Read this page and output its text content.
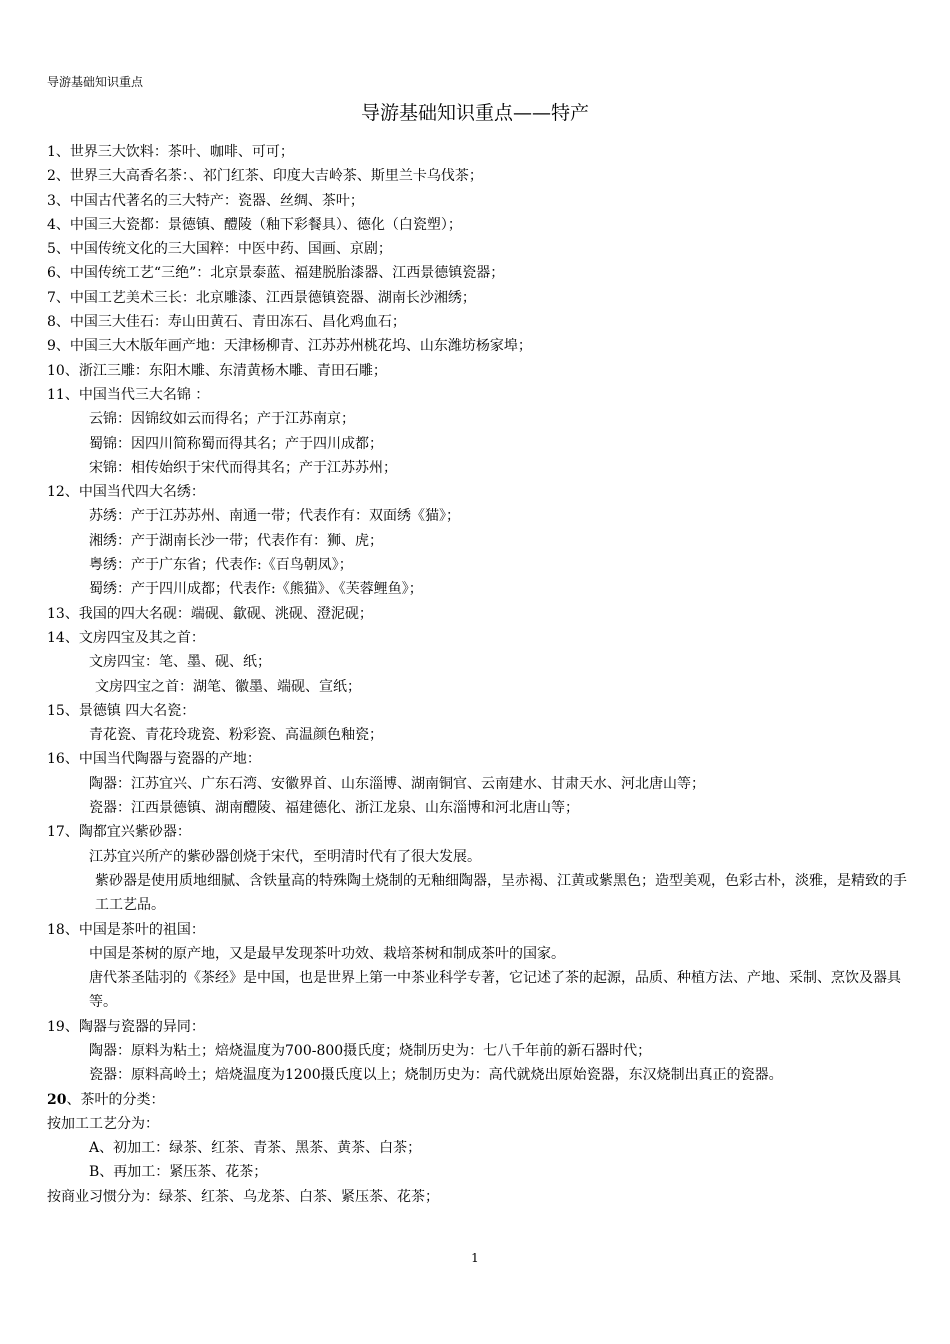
导游基础知识重点
导游基础知识重点——特产
1、世界三大饮料：茶叶、咖啡、可可；
2、世界三大高香名茶：、祁门红茶、印度大吉岭茶、斯里兰卡乌伐茶；
3、中国古代著名的三大特产：瓷器、丝绸、茶叶；
4、中国三大瓷都：景德镇、醴陵（釉下彩餐具）、德化（白瓷塑）；
5、中国传统文化的三大国粹：中医中药、国画、京剧；
6、中国传统工艺“三绝”：北京景泰蓝、福建脱胎漆器、江西景德镇瓷器；
7、中国工艺美术三长：北京雕漆、江西景德镇瓷器、湖南长沙湘绣；
8、中国三大佳石：寿山田黄石、青田冻石、昌化鸡血石；
9、中国三大木版年画产地：天津杨柳青、江苏苏州桃花坞、山东潍坊杨家埠；
10、浙江三雕：东阳木雕、东清黄杨木雕、青田石雕；
11、中国当代三大名锦 ：
云锦：因锦纹如云而得名；产于江苏南京；
蜀锦：因四川简称蜀而得其名；产于四川成都；
宋锦：相传始织于宋代而得其名；产于江苏苏州；
12、中国当代四大名绣：
苏绣：产于江苏苏州、南通一带；代表作有：双面绣《猫》；
湘绣：产于湖南长沙一带；代表作有：狮、虎；
粤绣：产于广东省；代表作:《百鸟朝凤》；
蜀绣：产于四川成都；代表作:《熊猫》、《芙蓉鲤鱼》；
13、我国的四大名砚：端砚、歙砚、洮砚、澄泥砚；
14、文房四宝及其之首：
文房四宝：笔、墨、砚、纸；
文房四宝之首：湖笔、徽墨、端砚、宣纸；
15、景德镇 四大名瓷：
青花瓷、青花玲珑瓷、粉彩瓷、高温颜色釉瓷；
16、中国当代陶器与瓷器的产地：
陶器：江苏宜兴、广东石湾、安徽界首、山东淄博、湖南铜官、云南建水、甘肃天水、河北唐山等；
瓷器：江西景德镇、湖南醴陵、福建德化、浙江龙泉、山东淄博和河北唐山等；
17、陶都宜兴紫砂器：
江苏宜兴所产的紫砂器创烧于宋代，至明清时代有了很大发展。
紫砂器是使用质地细腻、含铁量高的特殊陶土烧制的无釉细陶器，呈赤褐、江黄或紫黑色；造型美观，色彩古朴，淡雅，是精致的手工工艺品。
18、中国是茶叶的祖国：
中国是茶树的原产地，又是最早发现茶叶功效、栽培茶树和制成茶叶的国家。
唐代茶圣陆羽的《茶经》是中国，也是世界上第一中茶业科学专著，它记述了茶的起源，品质、种植方法、产地、采制、烹饮及器具等。
19、陶器与瓷器的异同：
陶器：原料为粘土；焙烧温度为700-800摄氏度；烧制历史为：七八千年前的新石器时代；
瓷器：原料高岭土；焙烧温度为1200摄氏度以上；烧制历史为：高代就烧出原始瓷器，东汉烧制出真正的瓷器。
20、茶叶的分类：
按加工工艺分为：
A、初加工：绿茶、红茶、青茶、黑茶、黄茶、白茶；
B、再加工：紧压茶、花茶；
按商业习惯分为：绿茶、红茶、乌龙茶、白茶、紧压茶、花茶；
1
